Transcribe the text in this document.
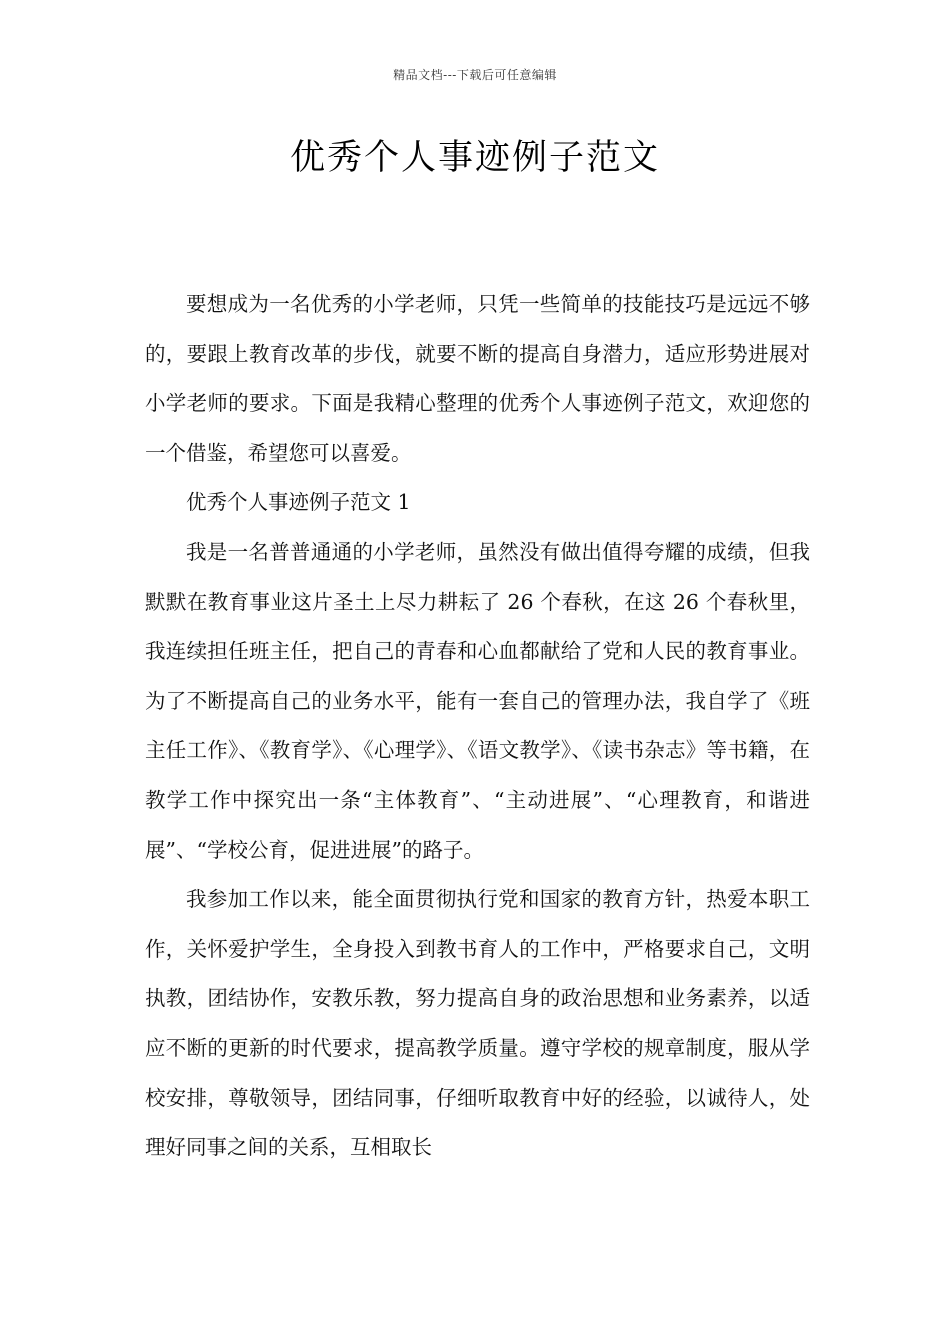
精品文档---下载后可任意编辑
优秀个人事迹例子范文

要想成为一名优秀的小学老师，只凭一些简单的技能技巧是远远不够的，要跟上教育改革的步伐，就要不断的提高自身潜力，适应形势进展对小学老师的要求。下面是我精心整理的优秀个人事迹例子范文，欢迎您的一个借鉴，希望您可以喜爱。

优秀个人事迹例子范文 1

我是一名普普通通的小学老师，虽然没有做出值得夸耀的成绩，但我默默在教育事业这片圣土上尽力耕耘了 26 个春秋，在这 26 个春秋里，我连续担任班主任，把自己的青春和心血都献给了党和人民的教育事业。为了不断提高自己的业务水平，能有一套自己的管理办法，我自学了《班主任工作》、《教育学》、《心理学》、《语文教学》、《读书杂志》等书籍，在教学工作中探究出一条“主体教育”、“主动进展”、“心理教育，和谐进展”、“学校公育，促进进展”的路子。

我参加工作以来，能全面贯彻执行党和国家的教育方针，热爱本职工作，关怀爱护学生，全身投入到教书育人的工作中，严格要求自己，文明执教，团结协作，安教乐教，努力提高自身的政治思想和业务素养，以适应不断的更新的时代要求，提高教学质量。遵守学校的规章制度，服从学校安排，尊敬领导，团结同事，仔细听取教育中好的经验，以诚待人，处理好同事之间的关系，互相取长
